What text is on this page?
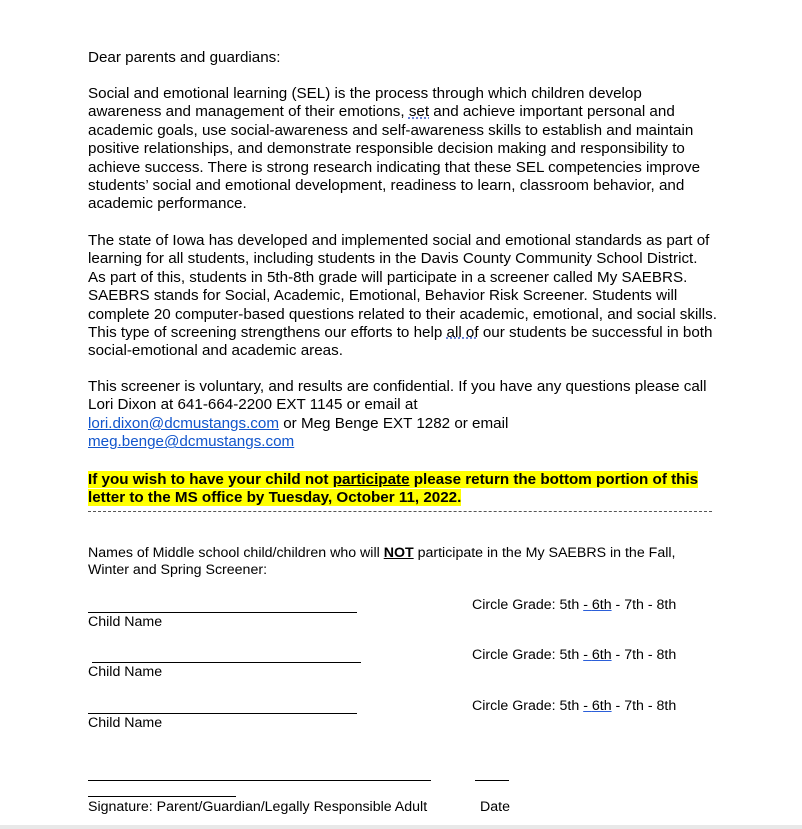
Dear parents and guardians:

Social and emotional learning (SEL) is the process through which children develop awareness and management of their emotions, set and achieve important personal and academic goals, use social-awareness and self-awareness skills to establish and maintain positive relationships, and demonstrate responsible decision making and responsibility to achieve success. There is strong research indicating that these SEL competencies improve students’ social and emotional development, readiness to learn, classroom behavior, and academic performance.

The state of Iowa has developed and implemented social and emotional standards as part of learning for all students, including students in the Davis County Community School District. As part of this, students in 5th-8th grade will participate in a screener called My SAEBRS. SAEBRS stands for Social, Academic, Emotional, Behavior Risk Screener. Students will complete 20 computer-based questions related to their academic, emotional, and social skills. This type of screening strengthens our efforts to help all of our students be successful in both social-emotional and academic areas.

This screener is voluntary, and results are confidential. If you have any questions please call Lori Dixon at 641-664-2200 EXT 1145 or email at
lori.dixon@dcmustangs.com or Meg Benge EXT 1282 or email
meg.benge@dcmustangs.com

If you wish to have your child not participate please return the bottom portion of this letter to the MS office by Tuesday, October 11, 2022.

Names of Middle school child/children who will NOT participate in the My SAEBRS in the Fall,
Winter and Spring Screener:
Child Name
Circle Grade: 5th - 6th - 7th - 8th
Child Name
Circle Grade: 5th - 6th - 7th - 8th
Child Name
Circle Grade: 5th - 6th - 7th - 8th
Signature: Parent/Guardian/Legally Responsible Adult	Date
